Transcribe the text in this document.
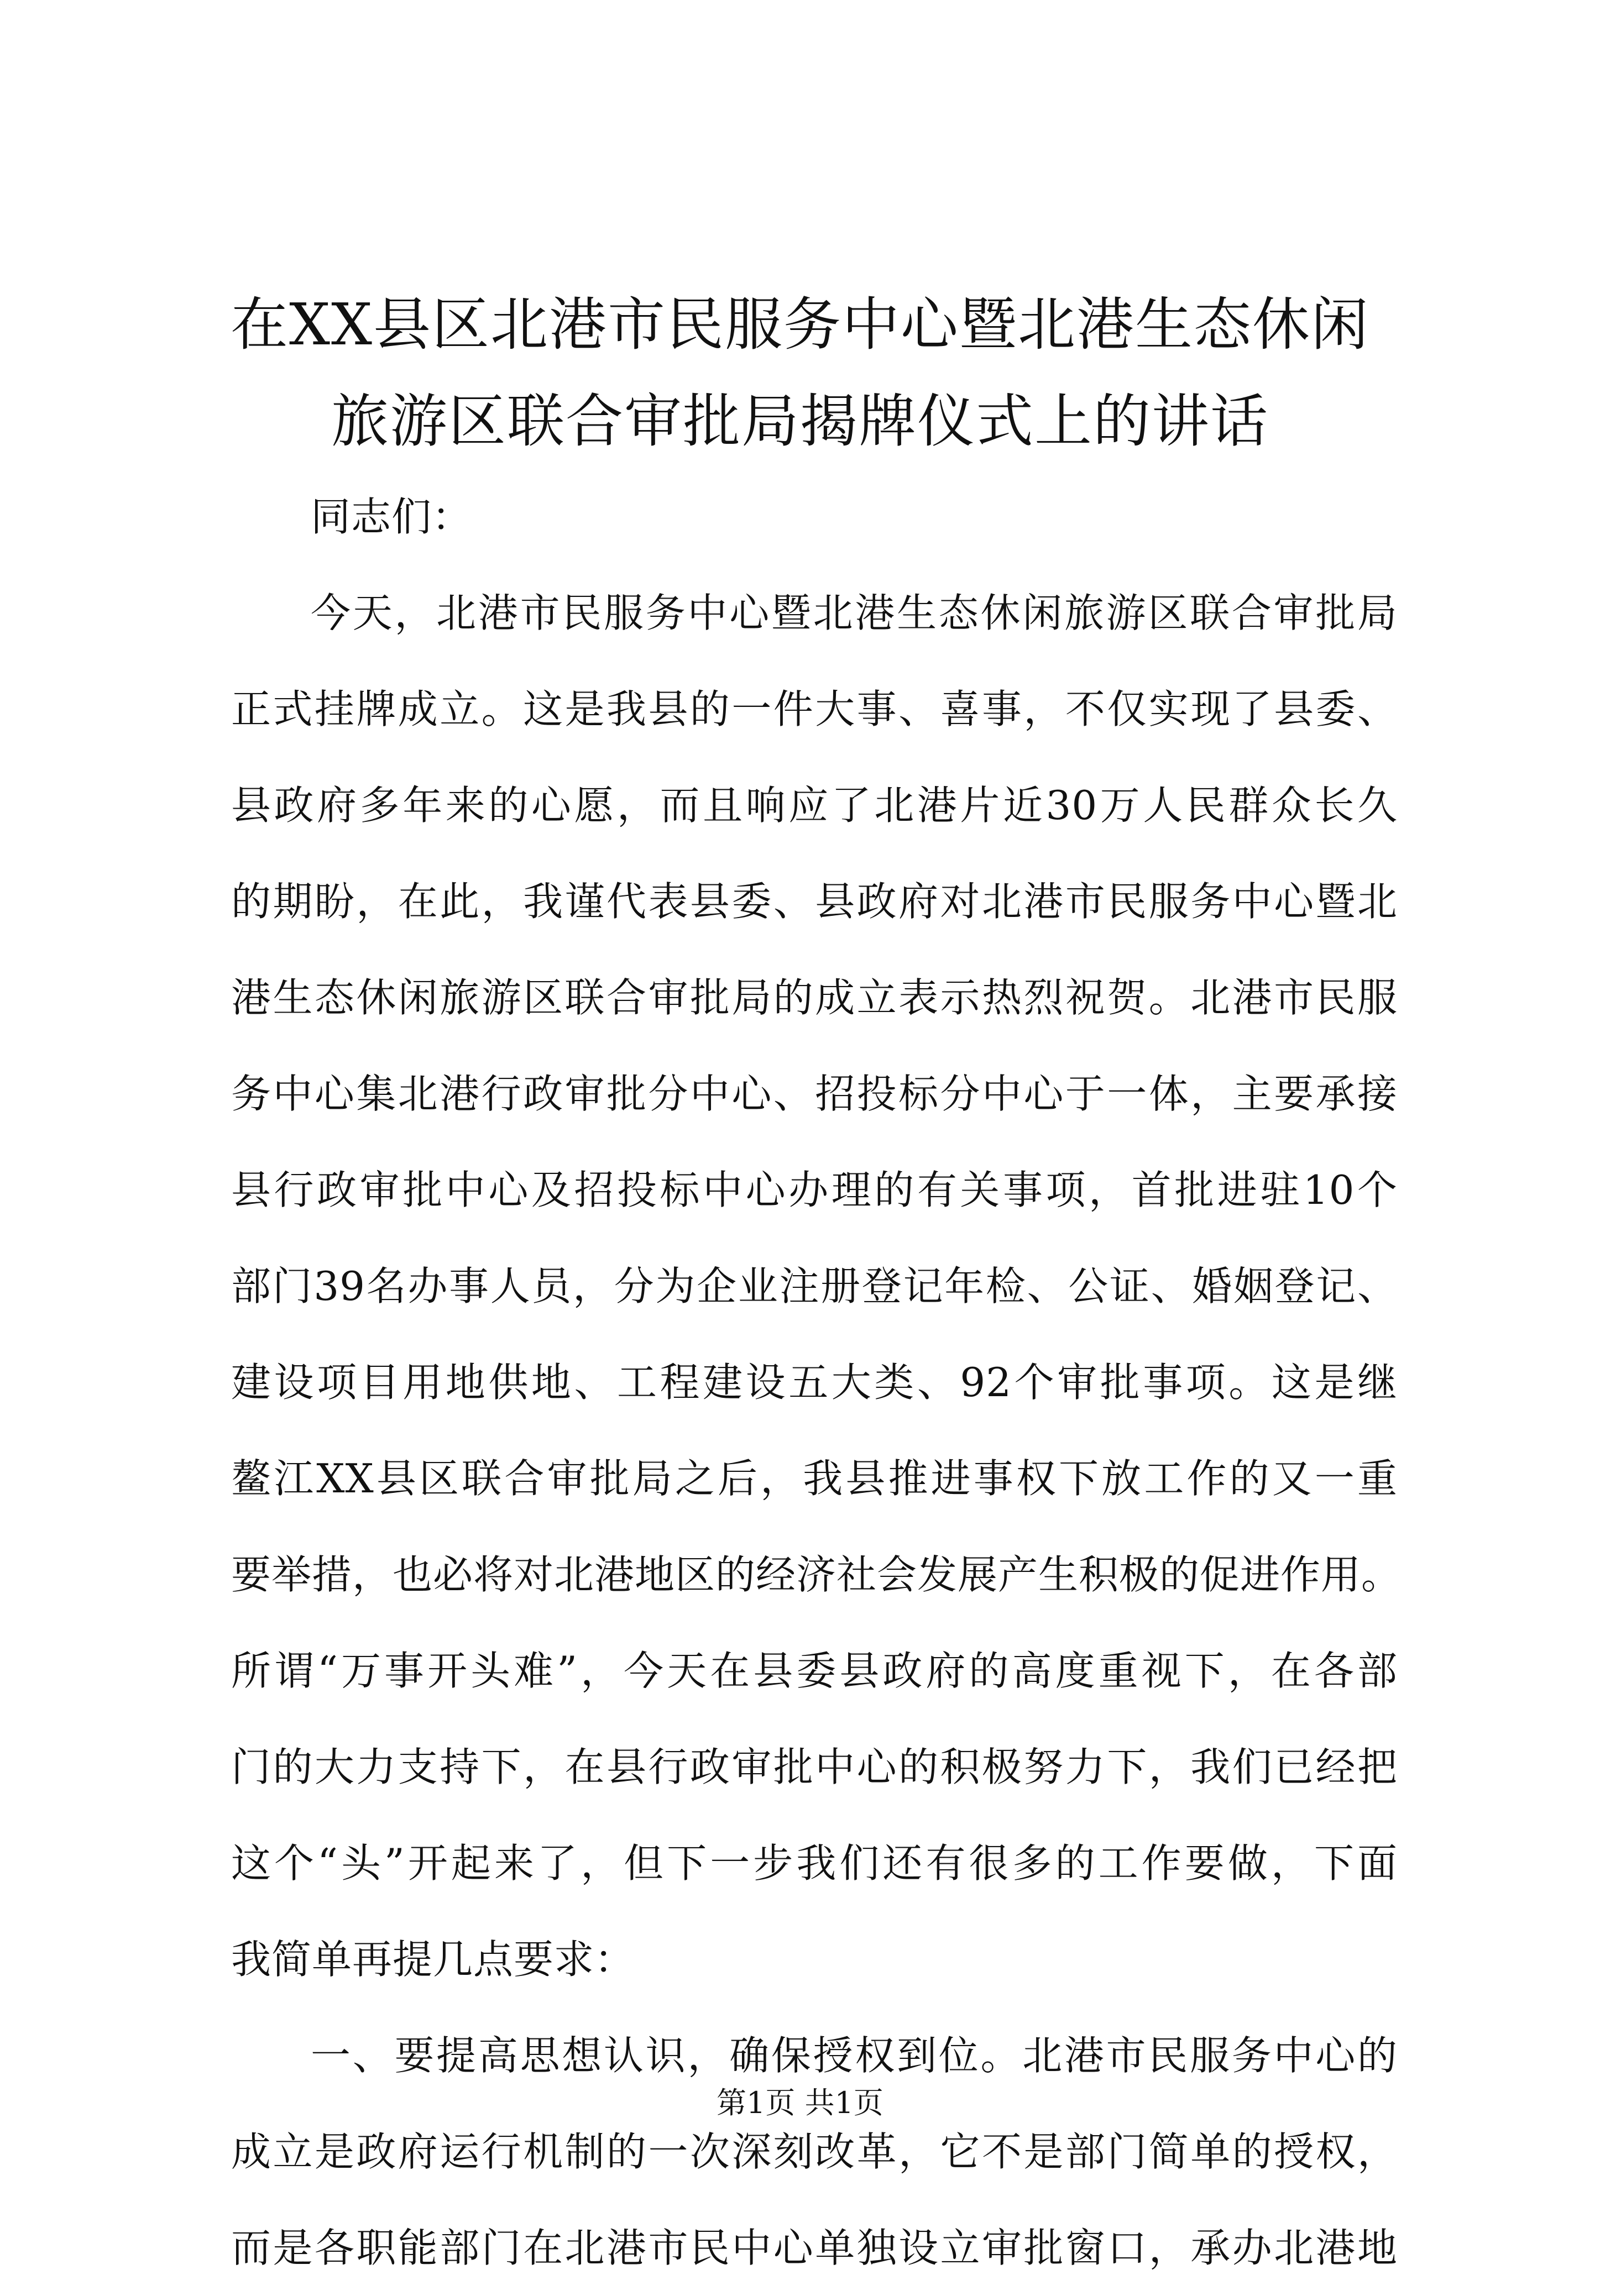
在XX县区北港市民服务中心暨北港生态休闲
旅游区联合审批局揭牌仪式上的讲话
同志们：
今天，北港市民服务中心暨北港生态休闲旅游区联合审批局
正式挂牌成立。这是我县的一件大事、喜事，不仅实现了县委、
县政府多年来的心愿，而且响应了北港片近30万人民群众长久
的期盼，在此，我谨代表县委、县政府对北港市民服务中心暨北
港生态休闲旅游区联合审批局的成立表示热烈祝贺。北港市民服
务中心集北港行政审批分中心、招投标分中心于一体，主要承接
县行政审批中心及招投标中心办理的有关事项，首批进驻10个
部门39名办事人员，分为企业注册登记年检、公证、婚姻登记、
建设项目用地供地、工程建设五大类、92个审批事项。这是继
鳌江XX县区联合审批局之后，我县推进事权下放工作的又一重
要举措，也必将对北港地区的经济社会发展产生积极的促进作用。
所谓“万事开头难”，今天在县委县政府的高度重视下，在各部
门的大力支持下，在县行政审批中心的积极努力下，我们已经把
这个“头”开起来了，但下一步我们还有很多的工作要做，下面
我简单再提几点要求：
一、要提高思想认识，确保授权到位。北港市民服务中心的
成立是政府运行机制的一次深刻改革，它不是部门简单的授权，
而是各职能部门在北港市民中心单独设立审批窗口，承办北港地
第1页 共1页
